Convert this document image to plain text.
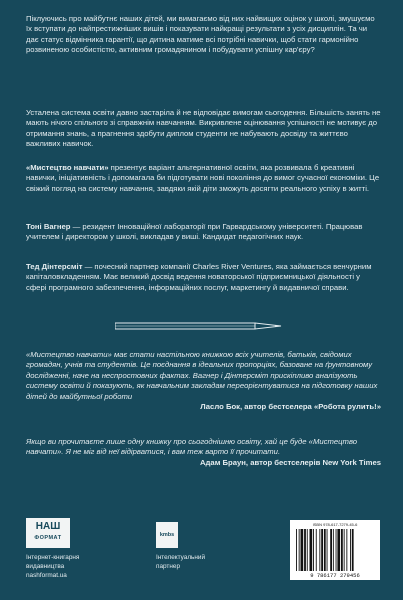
Піклуючись про майбутнє наших дітей, ми вимагаємо від них найвищих оцінок у школі, змушуємо їх вступати до найпрестижніших вишів і показувати найкращі результати з усіх дисциплін. Та чи дає статус відмінника гарантії, що дитина матиме всі потрібні навички, щоб стати гармонійно розвиненою особистістю, активним громадянином і побудувати успішну кар'єру?

Усталена система освіти давно застаріла й не відповідає вимогам сьогодення. Більшість занять не мають нічого спільного зі справжнім навчанням. Викривлене оцінювання успішності не мотивує до отримання знань, а прагнення здобути диплом студенти не набувають досвіду та життєво важливих навичок.

«Мистецтво навчати» презентує варіант альтернативної освіти, яка розвивала б креативні навички, ініціативність і допомагала би підготувати нові покоління до вимог сучасної економіки. Це свіжий погляд на систему навчання, завдяки якій діти зможуть досягти реального успіху в житті.

Тоні Вагнер — резидент Інноваційної лабораторії при Гарвардському університеті. Працював учителем і директором у школі, викладав у виші. Кандидат педагогічних наук.

Тед Дінтерсміт — почесний партнер компанії Charles River Ventures, яка займається венчурним капіталовкладенням. Має великий досвід ведення новаторської підприємницької діяльності у сфері програмного забезпечення, інформаційних послуг, маркетингу й видавничої справи.

«Мистецтво навчати» має стати настільною книжкою всіх учителів, батьків, свідомих громадян, учнів та студентів. Це поєднання в ідеальних пропорціях, базоване на ґрунтовному дослідженні, наче на неспростовних фактах. Вагнер і Дінтерсміт прискіпливо аналізують систему освіти й показують, як навчальним закладам переорієнтуватися на підготовку наших дітей до майбутньої роботи

Ласло Бок, автор бестселера «Робота рулить!»

Якщо ви прочитаєте лише одну книжку про сьогоднішню освіту, хай це буде «Мистецтво навчати». Я не міг від неї відірватися, і вам теж варто її прочитати.

Адам Браун, автор бестселерів New York Times

НАШ
ФОРМАТ
Інтернет-книгарня
видавництва
nashformat.ua
kmbs
Інтелектуальний
партнер
ISBN 978-617-7279-45-6
9 786177 279456
